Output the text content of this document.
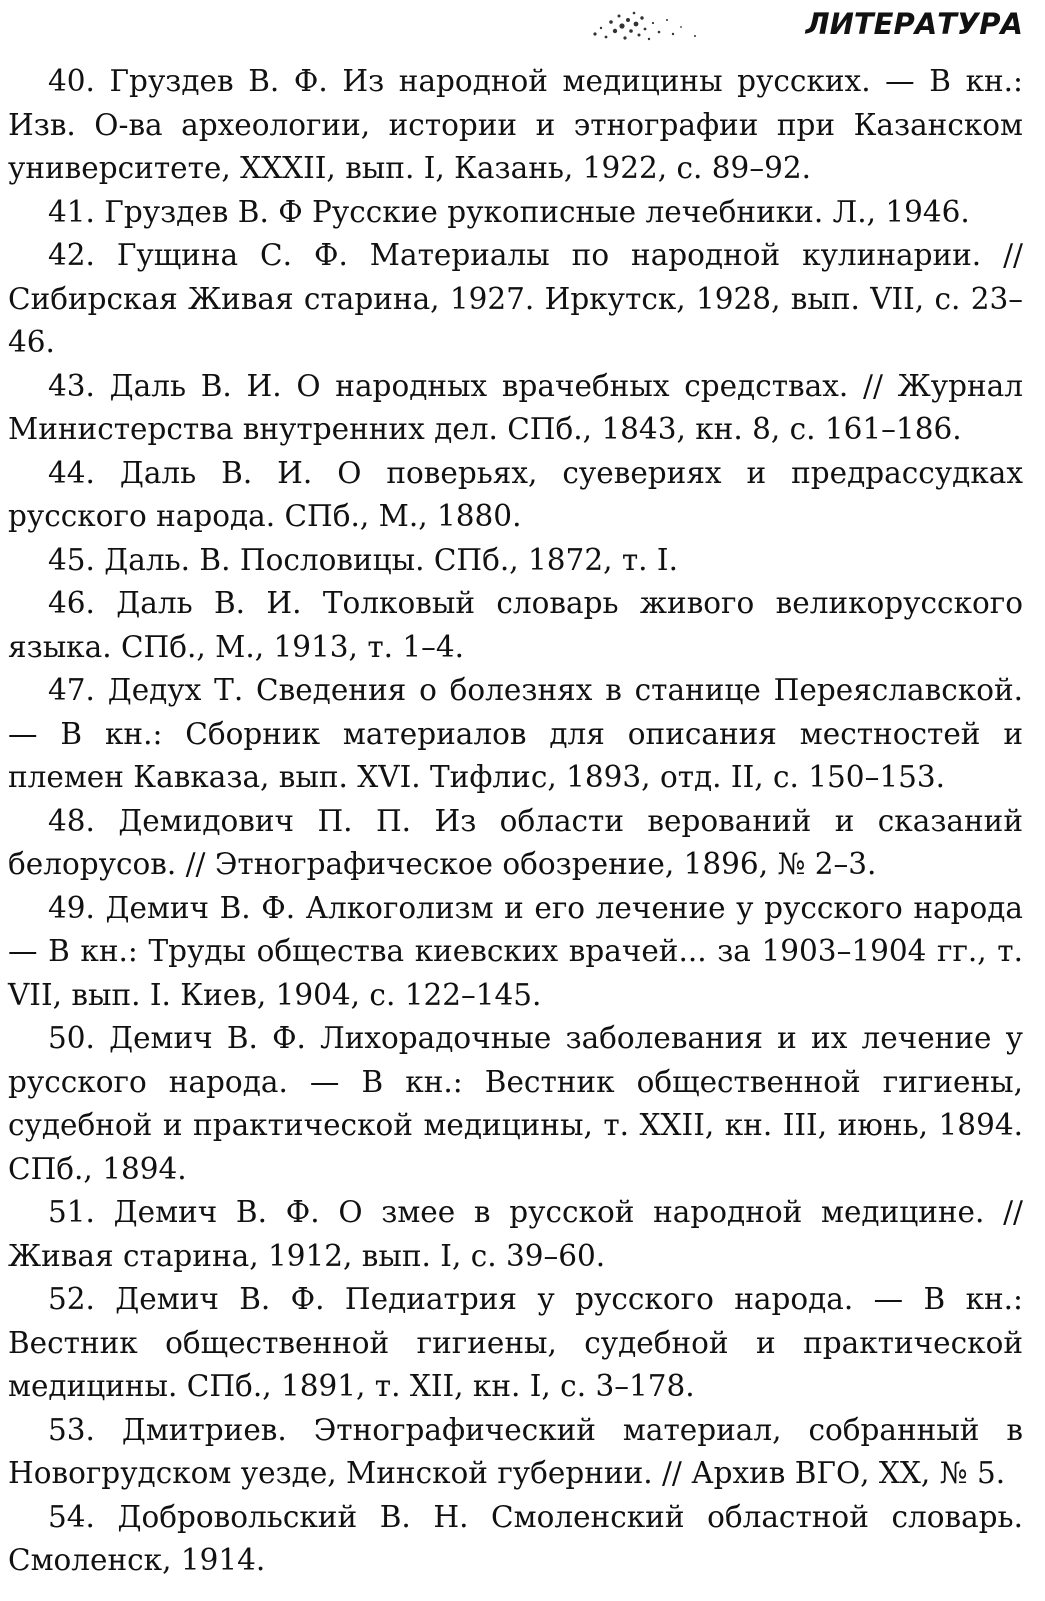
ЛИТЕРАТУРА

40. Груздев В. Ф. Из народной медицины русских. — В кн.: Изв. О-ва археологии, истории и этнографии при Казанском университете, XXXII, вып. I, Казань, 1922, с. 89–92.

41. Груздев В. Ф Русские рукописные лечебники. Л., 1946.

42. Гущина С. Ф. Материалы по народной кулинарии. // Сибирская Живая старина, 1927. Иркутск, 1928, вып. VII, с. 23–46.

43. Даль В. И. О народных врачебных средствах. // Журнал Министерства внутренних дел. СПб., 1843, кн. 8, с. 161–186.

44. Даль В. И. О поверьях, суевериях и предрассудках русского народа. СПб., М., 1880.

45. Даль. В. Пословицы. СПб., 1872, т. I.

46. Даль В. И. Толковый словарь живого великорусского языка. СПб., М., 1913, т. 1–4.

47. Дедух Т. Сведения о болезнях в станице Переяславской. — В кн.: Сборник материалов для описания местностей и племен Кавказа, вып. XVI. Тифлис, 1893, отд. II, с. 150–153.

48. Демидович П. П. Из области верований и сказаний белорусов. // Этнографическое обозрение, 1896, № 2–3.

49. Демич В. Ф. Алкоголизм и его лечение у русского народа — В кн.: Труды общества киевских врачей... за 1903–1904 гг., т. VII, вып. I. Киев, 1904, с. 122–145.

50. Демич В. Ф. Лихорадочные заболевания и их лечение у русского народа. — В кн.: Вестник общественной гигиены, судебной и практической медицины, т. XXII, кн. III, июнь, 1894. СПб., 1894.

51. Демич В. Ф. О змее в русской народной медицине. // Живая старина, 1912, вып. I, с. 39–60.

52. Демич В. Ф. Педиатрия у русского народа. — В кн.: Вестник общественной гигиены, судебной и практической медицины. СПб., 1891, т. XII, кн. I, с. 3–178.

53. Дмитриев. Этнографический материал, собранный в Новогрудском уезде, Минской губернии. // Архив ВГО, XX, № 5.

54. Добровольский В. Н. Смоленский областной словарь. Смоленск, 1914.
